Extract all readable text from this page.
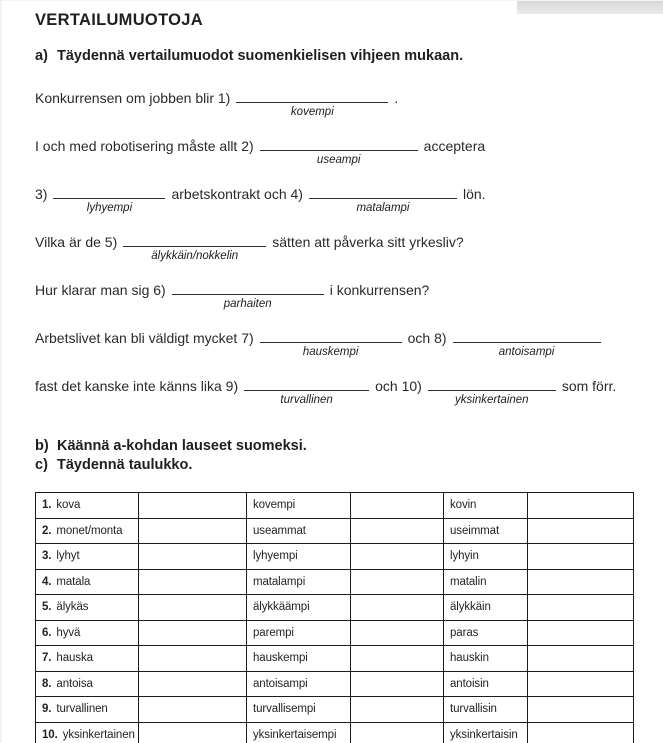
VERTAILUMUOTOJA

a) Täydennä vertailumuodot suomenkielisen vihjeen mukaan.

Konkurrensen om jobben blir 1)
kovempi
.
I och med robotisering måste allt 2)
useampi
acceptera
3)
lyhyempi
arbetskontrakt och 4)
matalampi
lön.
Vilka är de 5)
älykkäin/nokkelin
sätten att påverka sitt yrkesliv?
Hur klarar man sig 6)
parhaiten
i konkurrensen?
Arbetslivet kan bli väldigt mycket 7)
hauskempi
och 8)
antoisampi
fast det kanske inte känns lika 9)
turvallinen
och 10)
yksinkertainen
som förr.

b) Käännä a-kohdan lauseet suomeksi.

c) Täydennä taulukko.

1. kova		kovempi		kovin	
2. monet/monta		useammat		useimmat	
3. lyhyt		lyhyempi		lyhyin	
4. matala		matalampi		matalin	
5. älykäs		älykkäämpi		älykkäin	
6. hyvä		parempi		paras	
7. hauska		hauskempi		hauskin	
8. antoisa		antoisampi		antoisin	
9. turvallinen		turvallisempi		turvallisin	
10. yksinkertainen		yksinkertaisempi		yksinkertaisin	
